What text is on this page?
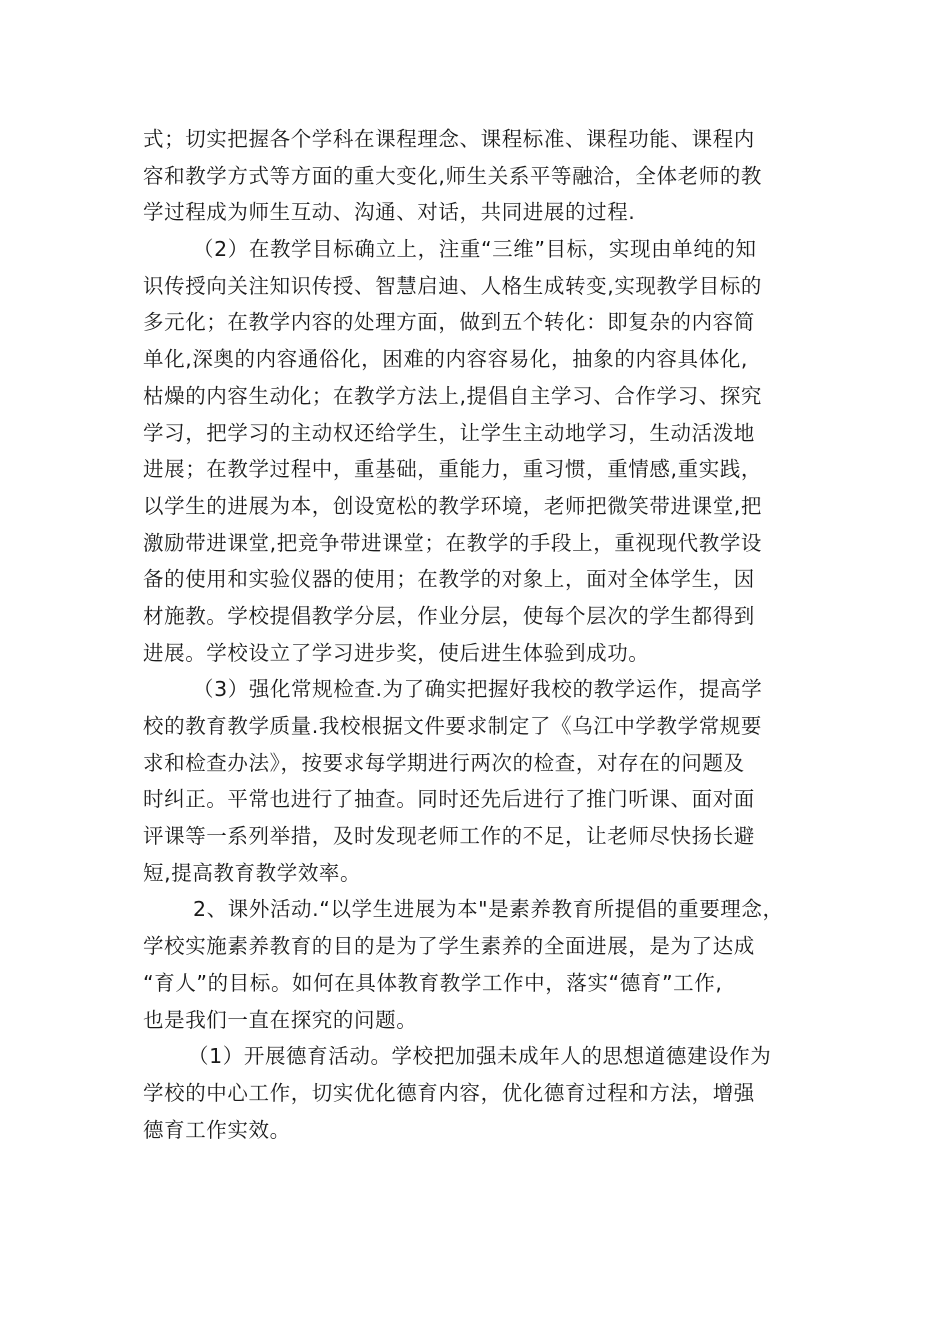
式；切实把握各个学科在课程理念、课程标准、课程功能、课程内
容和教学方式等方面的重大变化,师生关系平等融洽，全体老师的教
学过程成为师生互动、沟通、对话，共同进展的过程.
（2）在教学目标确立上，注重“三维”目标，实现由单纯的知
识传授向关注知识传授、智慧启迪、人格生成转变,实现教学目标的
多元化；在教学内容的处理方面，做到五个转化：即复杂的内容简
单化,深奥的内容通俗化，困难的内容容易化，抽象的内容具体化,
枯燥的内容生动化；在教学方法上,提倡自主学习、合作学习、探究
学习，把学习的主动权还给学生，让学生主动地学习，生动活泼地
进展；在教学过程中，重基础，重能力，重习惯，重情感,重实践，
以学生的进展为本，创设宽松的教学环境，老师把微笑带进课堂,把
激励带进课堂,把竞争带进课堂；在教学的手段上，重视现代教学设
备的使用和实验仪器的使用；在教学的对象上，面对全体学生，因
材施教。学校提倡教学分层，作业分层，使每个层次的学生都得到
进展。学校设立了学习进步奖，使后进生体验到成功。
（3）强化常规检查.为了确实把握好我校的教学运作，提高学
校的教育教学质量.我校根据文件要求制定了《乌江中学教学常规要
求和检查办法》，按要求每学期进行两次的检查，对存在的问题及
时纠正。平常也进行了抽查。同时还先后进行了推门听课、面对面
评课等一系列举措，及时发现老师工作的不足，让老师尽快扬长避
短,提高教育教学效率。
2、课外活动.“以学生进展为本"是素养教育所提倡的重要理念，
学校实施素养教育的目的是为了学生素养的全面进展，是为了达成
“育人”的目标。如何在具体教育教学工作中，落实“德育”工作,
也是我们一直在探究的问题。
（1）开展德育活动。学校把加强未成年人的思想道德建设作为
学校的中心工作，切实优化德育内容，优化德育过程和方法，增强
德育工作实效。
